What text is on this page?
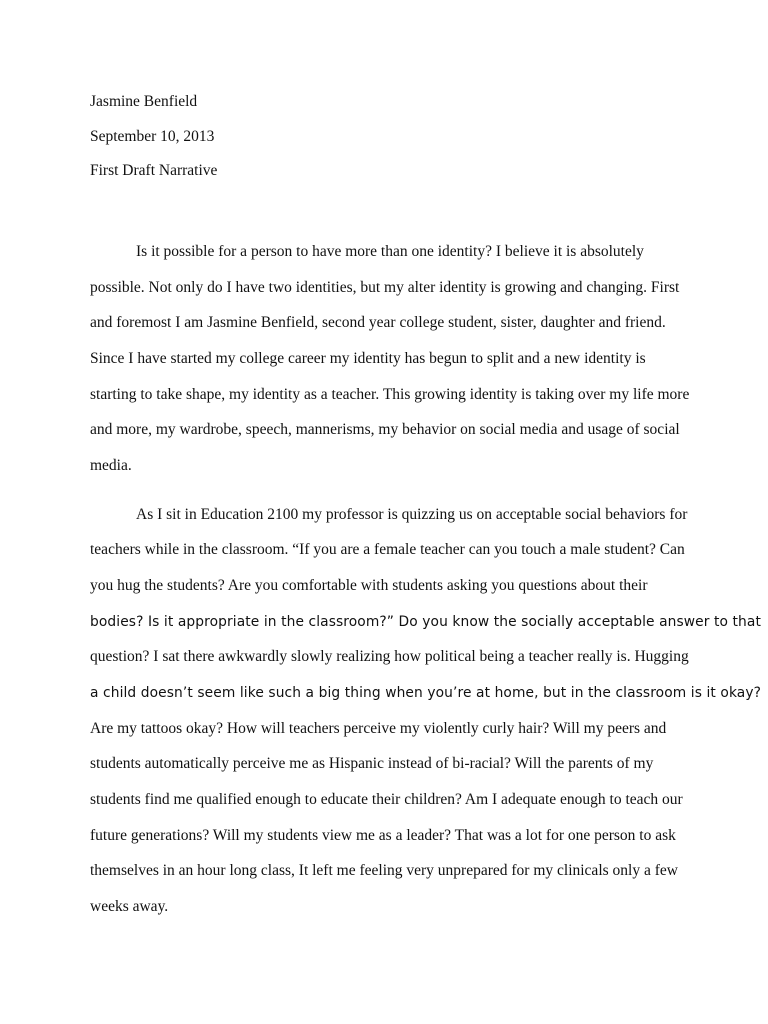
Jasmine Benfield
September 10, 2013
First Draft Narrative
Is it possible for a person to have more than one identity? I believe it is absolutely
possible. Not only do I have two identities, but my alter identity is growing and changing. First
and foremost I am Jasmine Benfield, second year college student, sister, daughter and friend.
Since I have started my college career my identity has begun to split and a new identity is
starting to take shape, my identity as a teacher. This growing identity is taking over my life more
and more, my wardrobe, speech, mannerisms, my behavior on social media and usage of social
media.
As I sit in Education 2100 my professor is quizzing us on acceptable social behaviors for
teachers while in the classroom. “If you are a female teacher can you touch a male student? Can
you hug the students? Are you comfortable with students asking you questions about their
bodies? Is it appropriate in the classroom?” Do you know the socially acceptable answer to that
question? I sat there awkwardly slowly realizing how political being a teacher really is. Hugging
a child doesn’t seem like such a big thing when you’re at home, but in the classroom is it okay?
Are my tattoos okay? How will teachers perceive my violently curly hair? Will my peers and
students automatically perceive me as Hispanic instead of bi-racial? Will the parents of my
students find me qualified enough to educate their children? Am I adequate enough to teach our
future generations? Will my students view me as a leader? That was a lot for one person to ask
themselves in an hour long class, It left me feeling very unprepared for my clinicals only a few
weeks away.
